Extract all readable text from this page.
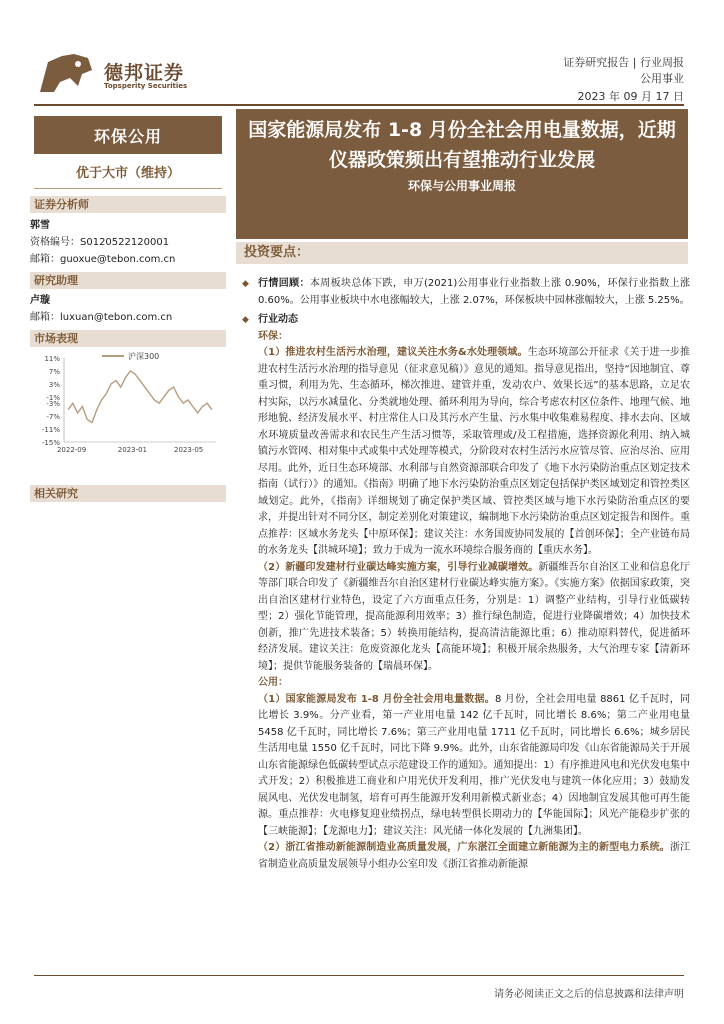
德邦证券
Topsperity Securities
证券研究报告 | 行业周报
公用事业
2023 年 09 月 17 日
环保公用
优于大市（维持）
证券分析师
郭雪
资格编号：S0120522120001
邮箱：guoxue@tebon.com.cn
研究助理
卢璇
邮箱：luxuan@tebon.com.cn
市场表现
11%
7%
3%
-1%
-3%
-7%
-11%
-15%
2022-09	2023-01	2023-05
沪深300
相关研究
国家能源局发布 1-8 月份全社会用电量数据，近期仪器政策频出有望推动行业发展
环保与公用事业周报
投资要点：

◆ 行情回顾：本周板块总体下跌，申万(2021)公用事业行业指数上涨 0.90%，环保行业指数上涨 0.60%。公用事业板块中水电涨幅较大，上涨 2.07%，环保板块中园林涨幅较大，上涨 5.25%。

◆ 行业动态

环保：

（1）推进农村生活污水治理，建议关注水务&水处理领域。生态环境部公开征求《关于进一步推进农村生活污水治理的指导意见（征求意见稿）》意见的通知。指导意见指出，坚持“因地制宜、尊重习惯，利用为先、生态循环，梯次推进、建管并重，发动农户、效果长远”的基本思路，立足农村实际，以污水减量化、分类就地处理、循环利用为导向，综合考虑农村区位条件、地理气候、地形地貌、经济发展水平、村庄常住人口及其污水产生量、污水集中收集难易程度、排水去向、区域水环境质量改善需求和农民生产生活习惯等，采取管理或/及工程措施，选择资源化利用、纳入城镇污水管网、相对集中式或集中式处理等模式，分阶段对农村生活污水应管尽管、应治尽治、应用尽用。此外，近日生态环境部、水利部与自然资源部联合印发了《地下水污染防治重点区划定技术指南（试行）》的通知。《指南》明确了地下水污染防治重点区划定包括保护类区域划定和管控类区域划定。此外，《指南》详细规划了确定保护类区域、管控类区域与地下水污染防治重点区的要求，并提出针对不同分区，制定差别化对策建议，编制地下水污染防治重点区划定报告和图件。重点推荐：区域水务龙头【中原环保】；建议关注：水务国废协同发展的【首创环保】；全产业链布局的水务龙头【洪城环境】；致力于成为一流水环境综合服务商的【重庆水务】。

（2）新疆印发建材行业碳达峰实施方案，引导行业减碳增效。新疆维吾尔自治区工业和信息化厅等部门联合印发了《新疆维吾尔自治区建材行业碳达峰实施方案》。《实施方案》依据国家政策，突出自治区建材行业特色，设定了六方面重点任务，分别是：1）调整产业结构，引导行业低碳转型；2）强化节能管理，提高能源利用效率；3）推行绿色制造，促进行业降碳增效；4）加快技术创新，推广先进技术装备；5）转换用能结构，提高清洁能源比重；6）推动原料替代，促进循环经济发展。建议关注：危废资源化龙头【高能环境】；积极开展余热服务，大气治理专家【清新环境】；提供节能服务装备的【瑞晨环保】。

公用：

（1）国家能源局发布 1-8 月份全社会用电量数据。8 月份，全社会用电量 8861 亿千瓦时，同比增长 3.9%。分产业看，第一产业用电量 142 亿千瓦时，同比增长 8.6%；第二产业用电量 5458 亿千瓦时，同比增长 7.6%；第三产业用电量 1711 亿千瓦时，同比增长 6.6%；城乡居民生活用电量 1550 亿千瓦时，同比下降 9.9%。此外，山东省能源局印发《山东省能源局关于开展山东省能源绿色低碳转型试点示范建设工作的通知》。通知提出：1）有序推进风电和光伏发电集中式开发；2）积极推进工商业和户用光伏开发利用，推广光伏发电与建筑一体化应用；3）鼓励发展风电、光伏发电制氢，培育可再生能源开发利用新模式新业态；4）因地制宜发展其他可再生能源。重点推荐：火电修复迎业绩拐点，绿电转型俱长期动力的【华能国际】；风光产能稳步扩张的【三峡能源】；【龙源电力】；建议关注：风光储一体化发展的【九洲集团】。

（2）浙江省推动新能源制造业高质量发展，广东湛江全面建立新能源为主的新型电力系统。浙江省制造业高质量发展领导小组办公室印发《浙江省推动新能源

请务必阅读正文之后的信息披露和法律声明
